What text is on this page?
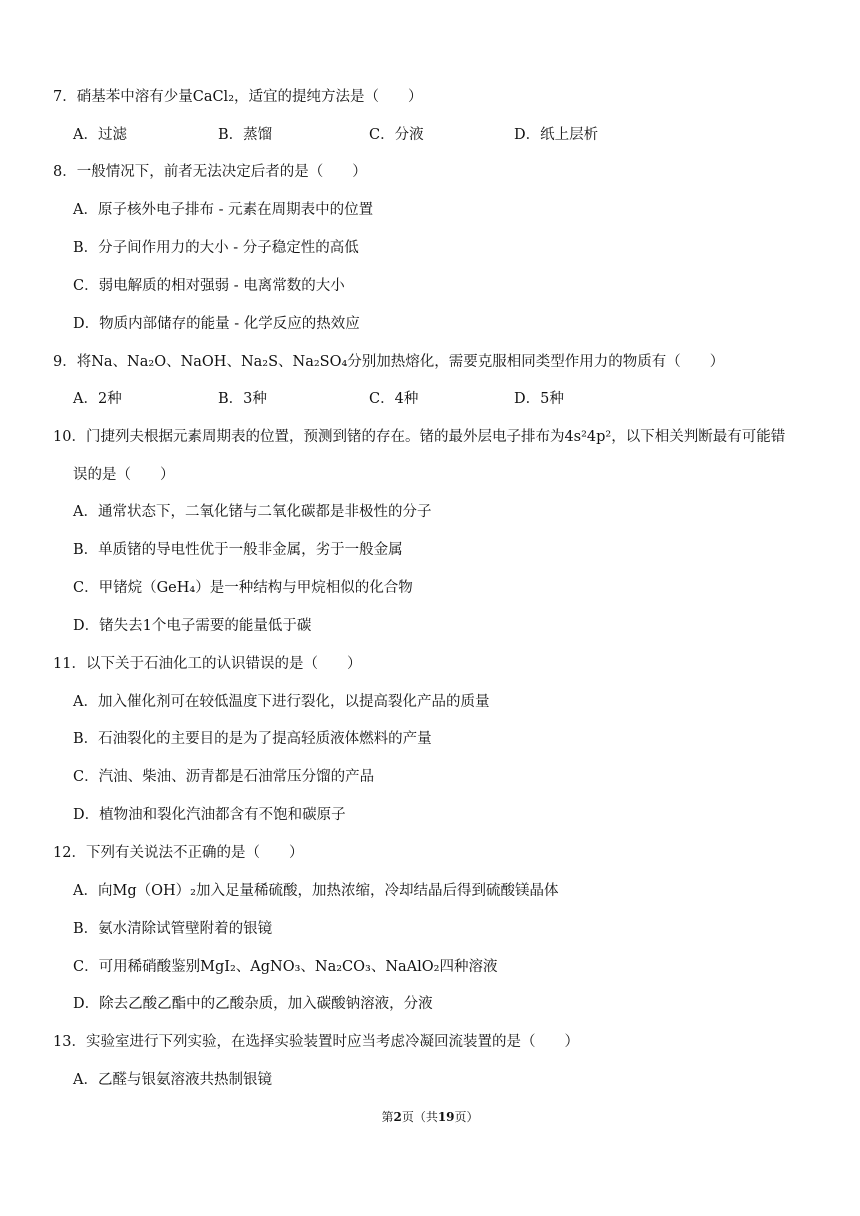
7．硝基苯中溶有少量CaCl₂，适宜的提纯方法是（　　）
A．过滤	B．蒸馏	C．分液	D．纸上层析
8．一般情况下，前者无法决定后者的是（　　）
A．原子核外电子排布 - 元素在周期表中的位置
B．分子间作用力的大小 - 分子稳定性的高低
C．弱电解质的相对强弱 - 电离常数的大小
D．物质内部储存的能量 - 化学反应的热效应
9．将Na、Na₂O、NaOH、Na₂S、Na₂SO₄分别加热熔化，需要克服相同类型作用力的物质有（　　）
A．2种	B．3种	C．4种	D．5种
10．门捷列夫根据元素周期表的位置，预测到锗的存在。锗的最外层电子排布为4s²4p²，以下相关判断最有可能错
误的是（　　）
A．通常状态下，二氧化锗与二氧化碳都是非极性的分子
B．单质锗的导电性优于一般非金属，劣于一般金属
C．甲锗烷（GeH₄）是一种结构与甲烷相似的化合物
D．锗失去1个电子需要的能量低于碳
11．以下关于石油化工的认识错误的是（　　）
A．加入催化剂可在较低温度下进行裂化，以提高裂化产品的质量
B．石油裂化的主要目的是为了提高轻质液体燃料的产量
C．汽油、柴油、沥青都是石油常压分馏的产品
D．植物油和裂化汽油都含有不饱和碳原子
12．下列有关说法不正确的是（　　）
A．向Mg（OH）₂加入足量稀硫酸，加热浓缩，冷却结晶后得到硫酸镁晶体
B．氨水清除试管壁附着的银镜
C．可用稀硝酸鉴别MgI₂、AgNO₃、Na₂CO₃、NaAlO₂四种溶液
D．除去乙酸乙酯中的乙酸杂质，加入碳酸钠溶液，分液
13．实验室进行下列实验，在选择实验装置时应当考虑冷凝回流装置的是（　　）
A．乙醛与银氨溶液共热制银镜
第2页（共19页）
